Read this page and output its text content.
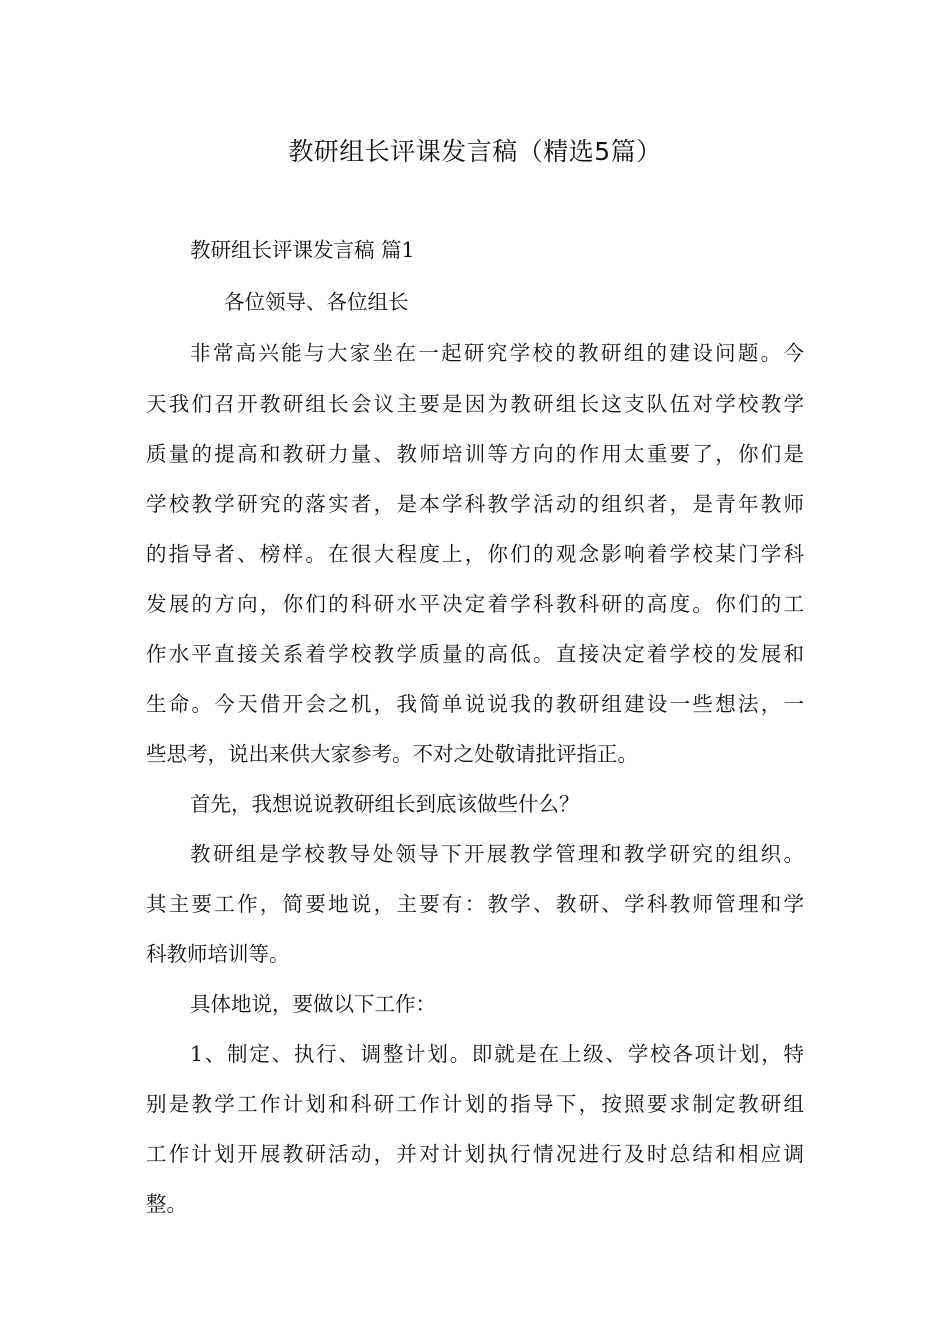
教研组长评课发言稿（精选5篇）
教研组长评课发言稿 篇1
各位领导、各位组长
非常高兴能与大家坐在一起研究学校的教研组的建设问题。今
天我们召开教研组长会议主要是因为教研组长这支队伍对学校教学
质量的提高和教研力量、教师培训等方向的作用太重要了，你们是
学校教学研究的落实者，是本学科教学活动的组织者，是青年教师
的指导者、榜样。在很大程度上，你们的观念影响着学校某门学科
发展的方向，你们的科研水平决定着学科教科研的高度。你们的工
作水平直接关系着学校教学质量的高低。直接决定着学校的发展和
生命。今天借开会之机，我简单说说我的教研组建设一些想法，一
些思考，说出来供大家参考。不对之处敬请批评指正。
首先，我想说说教研组长到底该做些什么？
教研组是学校教导处领导下开展教学管理和教学研究的组织。
其主要工作，简要地说，主要有：教学、教研、学科教师管理和学
科教师培训等。
具体地说，要做以下工作：
1、制定、执行、调整计划。即就是在上级、学校各项计划，特
别是教学工作计划和科研工作计划的指导下，按照要求制定教研组
工作计划开展教研活动，并对计划执行情况进行及时总结和相应调
整。
